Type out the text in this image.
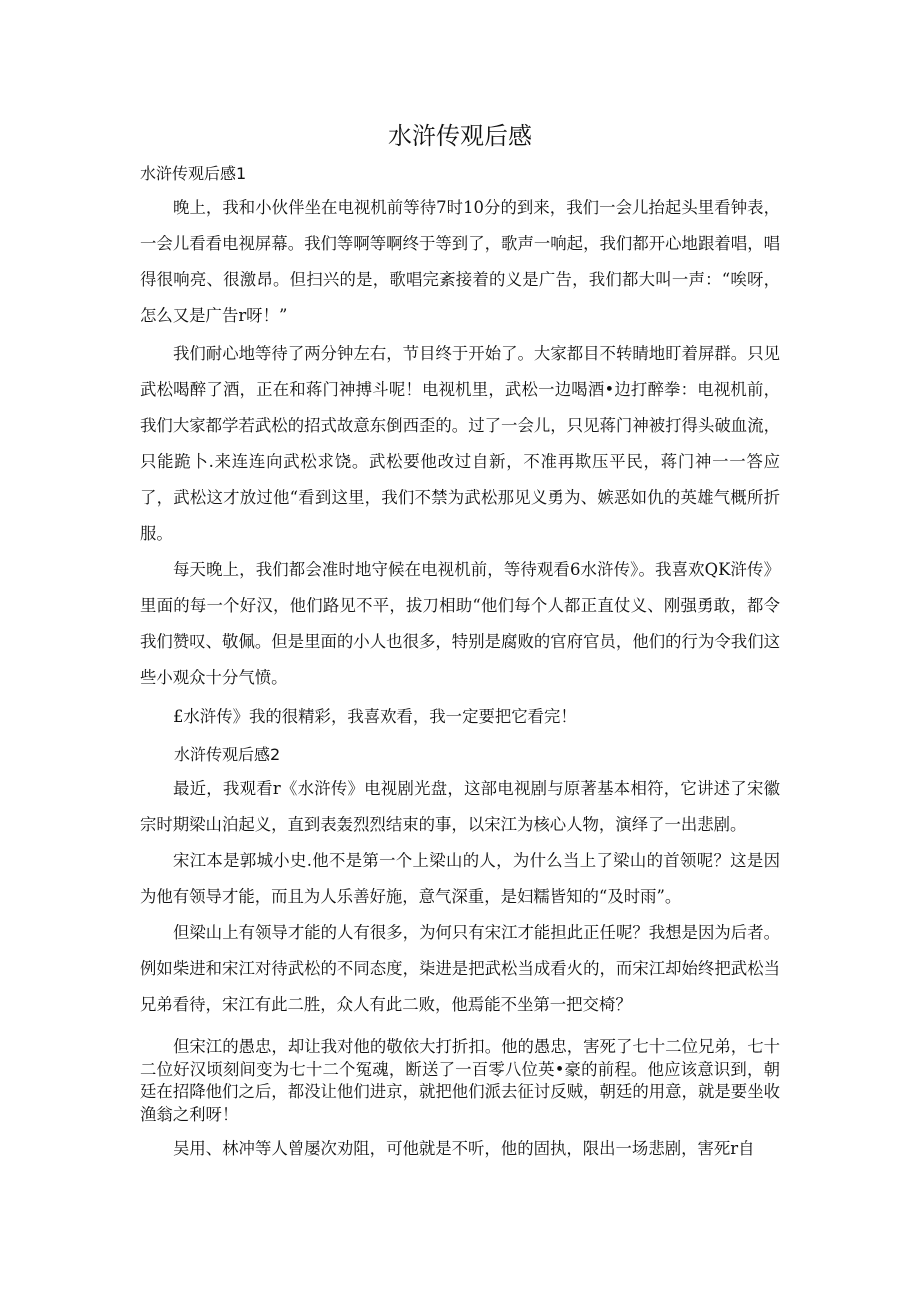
水浒传观后感
水浒传观后感1
晚上，我和小伙伴坐在电视机前等待7时10分的到来，我们一会儿抬起头里看钟表，一会儿看看电视屏幕。我们等啊等啊终于等到了，歌声一响起，我们都开心地跟着唱，唱得很响亮、很激昂。但扫兴的是，歌唱完紊接着的义是广告，我们都大叫一声：“唉呀，怎么又是广告r呀！”
我们耐心地等待了两分钟左右，节目终于开始了。大家都目不转睛地盯着屏群。只见武松喝醉了酒，正在和蒋门神搏斗呢！电视机里，武松一边喝酒•边打醉拳：电视机前，我们大家都学若武松的招式故意东倒西歪的。过了一会儿，只见蒋门神被打得头破血流，只能跪卜.来连连向武松求饶。武松要他改过自新，不准再欺压平民，蒋门神一一答应了，武松这才放过他“看到这里，我们不禁为武松那见义勇为、嫉恶如仇的英雄气概所折服。
每天晚上，我们都会准时地守候在电视机前，等待观看6水浒传》。我喜欢QK浒传》里面的每一个好汉，他们路见不平，拔刀相助“他们每个人都正直仗义、刚强勇敢，都令我们赞叹、敬佩。但是里面的小人也很多，特别是腐败的官府官员，他们的行为令我们这些小观众十分气愤。
£水浒传》我的很精彩，我喜欢看，我一定要把它看完！
水浒传观后感2
最近，我观看r《水浒传》电视剧光盘，这部电视剧与原著基本相符，它讲述了宋徽宗时期梁山泊起义，直到表轰烈烈结束的事，以宋江为核心人物，演绎了一出悲剧。
宋江本是郭城小史.他不是第一个上梁山的人，为什么当上了梁山的首领呢？这是因为他有领导才能，而且为人乐善好施，意气深重，是妇糯皆知的“及时雨”。
但梁山上有领导才能的人有很多，为何只有宋江才能担此正任呢？我想是因为后者。例如柴进和宋江对待武松的不同态度，柒进是把武松当成看火的，而宋江却始终把武松当兄弟看待，宋江有此二胜，众人有此二败，他焉能不坐第一把交椅？
但宋江的愚忠，却让我对他的敬依大打折扣。他的愚忠，害死了七十二位兄弟，七十二位好汉顷刻间变为七十二个冤魂，断送了一百零八位英•豪的前程。他应该意识到，朝廷在招降他们之后，都没让他们进京，就把他们派去征讨反贼，朝廷的用意，就是要坐收渔翁之利呀！
吴用、林冲等人曾屡次劝阻，可他就是不听，他的固执，限出一场悲剧，害死r自
